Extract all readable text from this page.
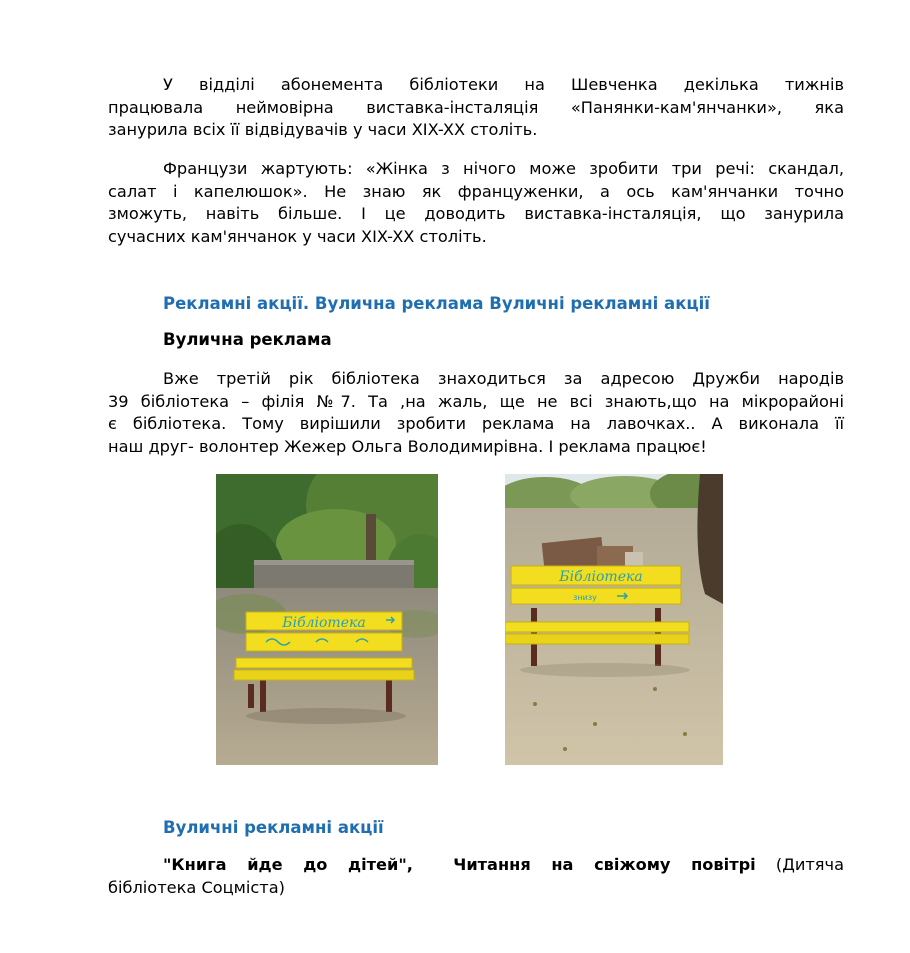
У відділі абонемента бібліотеки на Шевченка декілька тижнів
працювала неймовірна виставка-інсталяція «Панянки-кам'янчанки», яка
занурила всіх її відвідувачів у часи XIX-XX століть.

Французи жартують: «Жінка з нічого може зробити три речі: скандал,
салат і капелюшок». Не знаю як француженки, а ось кам'янчанки точно
зможуть, навіть більше. І це доводить виставка-інсталяція, що занурила
сучасних кам'янчанок у часи XIX-XX століть.

Рекламні акції. Вулична реклама Вуличні рекламні акції
Вулична реклама

Вже третій рік бібліотека знаходиться за адресою Дружби народів
39 бібліотека – філія №7. Та ,на жаль, ще не всі знають,що на мікрорайоні
є бібліотека. Тому вирішили зробити реклама на лавочках.. А виконала її
наш друг- волонтер Жежер Ольга Володимирівна. І реклама працює!

Бібліотека
Бібліотека
знизу
Вуличні рекламні акції

"Книга йде до дітей", Читання на свіжому повітрі (Дитяча
бібліотека Соцміста)
